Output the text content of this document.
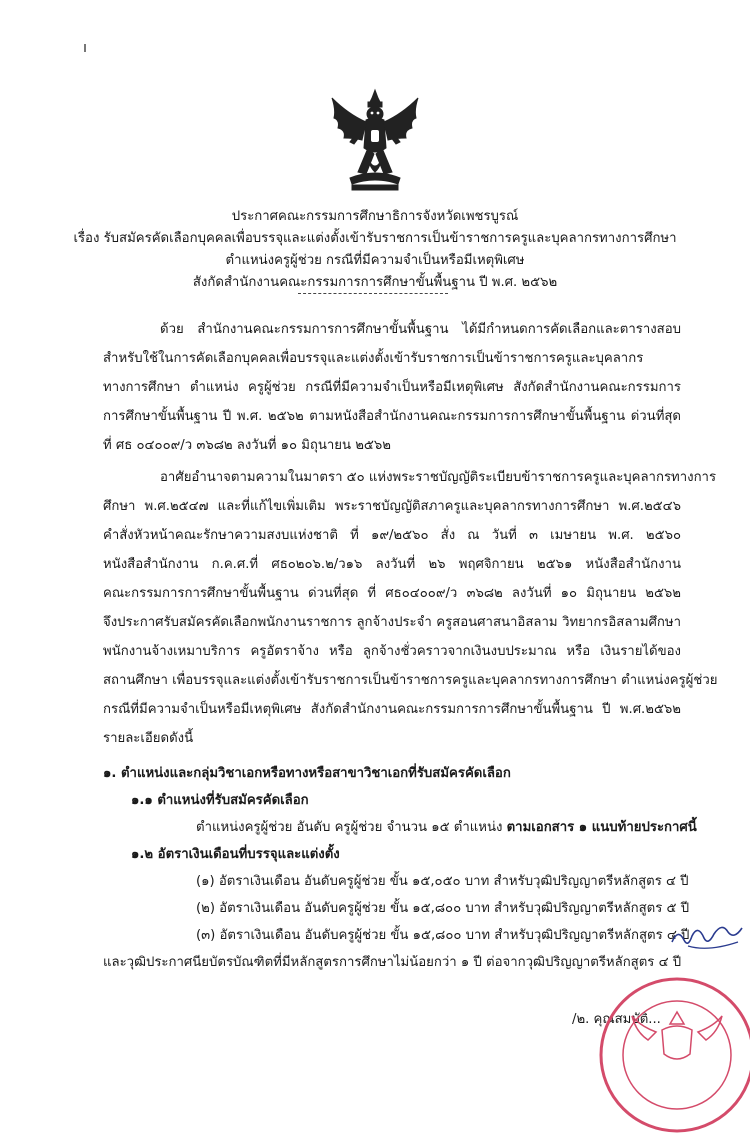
ประกาศคณะกรรมการศึกษาธิการจังหวัดเพชรบูรณ์
เรื่อง รับสมัครคัดเลือกบุคคลเพื่อบรรจุและแต่งตั้งเข้ารับราชการเป็นข้าราชการครูและบุคลากรทางการศึกษา
ตำแหน่งครูผู้ช่วย กรณีที่มีความจำเป็นหรือมีเหตุพิเศษ
สังกัดสำนักงานคณะกรรมการการศึกษาขั้นพื้นฐาน ปี พ.ศ. ๒๕๖๒
ด้วย สำนักงานคณะกรรมการการศึกษาขั้นพื้นฐาน ได้มีกำหนดการคัดเลือกและตารางสอบ
สำหรับใช้ในการคัดเลือกบุคคลเพื่อบรรจุและแต่งตั้งเข้ารับราชการเป็นข้าราชการครูและบุคลากร
ทางการศึกษา ตำแหน่ง ครูผู้ช่วย กรณีที่มีความจำเป็นหรือมีเหตุพิเศษ สังกัดสำนักงานคณะกรรมการ
การศึกษาขั้นพื้นฐาน ปี พ.ศ. ๒๕๖๒ ตามหนังสือสำนักงานคณะกรรมการการศึกษาขั้นพื้นฐาน ด่วนที่สุด
ที่ ศธ ๐๔๐๐๙/ว ๓๖๘๒ ลงวันที่ ๑๐ มิถุนายน ๒๕๖๒
อาศัยอำนาจตามความในมาตรา ๕๐ แห่งพระราชบัญญัติระเบียบข้าราชการครูและบุคลากรทางการ
ศึกษา พ.ศ.๒๕๔๗ และที่แก้ไขเพิ่มเติม พระราชบัญญัติสภาครูและบุคลากรทางการศึกษา พ.ศ.๒๕๔๖
คำสั่งหัวหน้าคณะรักษาความสงบแห่งชาติ ที่ ๑๙/๒๕๖๐ สั่ง ณ วันที่ ๓ เมษายน พ.ศ. ๒๕๖๐
หนังสือสำนักงาน ก.ค.ศ.ที่ ศธ๐๒๐๖.๒/ว๑๖ ลงวันที่ ๒๖ พฤศจิกายน ๒๕๖๑ หนังสือสำนักงาน
คณะกรรมการการศึกษาขั้นพื้นฐาน ด่วนที่สุด ที่ ศธ๐๔๐๐๙/ว ๓๖๘๒ ลงวันที่ ๑๐ มิถุนายน ๒๕๖๒
จึงประกาศรับสมัครคัดเลือกพนักงานราชการ ลูกจ้างประจำ ครูสอนศาสนาอิสลาม วิทยากรอิสลามศึกษา
พนักงานจ้างเหมาบริการ ครูอัตราจ้าง หรือ ลูกจ้างชั่วคราวจากเงินงบประมาณ หรือ เงินรายได้ของ
สถานศึกษา เพื่อบรรจุและแต่งตั้งเข้ารับราชการเป็นข้าราชการครูและบุคลากรทางการศึกษา ตำแหน่งครูผู้ช่วย
กรณีที่มีความจำเป็นหรือมีเหตุพิเศษ สังกัดสำนักงานคณะกรรมการการศึกษาขั้นพื้นฐาน ปี พ.ศ.๒๕๖๒
รายละเอียดดังนี้
๑. ตำแหน่งและกลุ่มวิชาเอกหรือทางหรือสาขาวิชาเอกที่รับสมัครคัดเลือก
๑.๑ ตำแหน่งที่รับสมัครคัดเลือก
ตำแหน่งครูผู้ช่วย อันดับ ครูผู้ช่วย จำนวน ๑๕ ตำแหน่ง ตามเอกสาร ๑ แนบท้ายประกาศนี้
๑.๒ อัตราเงินเดือนที่บรรจุและแต่งตั้ง
(๑) อัตราเงินเดือน อันดับครูผู้ช่วย ขั้น ๑๕,๐๕๐ บาท สำหรับวุฒิปริญญาตรีหลักสูตร ๔ ปี
(๒) อัตราเงินเดือน อันดับครูผู้ช่วย ขั้น ๑๕,๘๐๐ บาท สำหรับวุฒิปริญญาตรีหลักสูตร ๕ ปี
(๓) อัตราเงินเดือน อันดับครูผู้ช่วย ขั้น ๑๕,๘๐๐ บาท สำหรับวุฒิปริญญาตรีหลักสูตร ๔ ปี
และวุฒิประกาศนียบัตรบัณฑิตที่มีหลักสูตรการศึกษาไม่น้อยกว่า ๑ ปี ต่อจากวุฒิปริญญาตรีหลักสูตร ๔ ปี
/๒. คุณสมบัติ...
